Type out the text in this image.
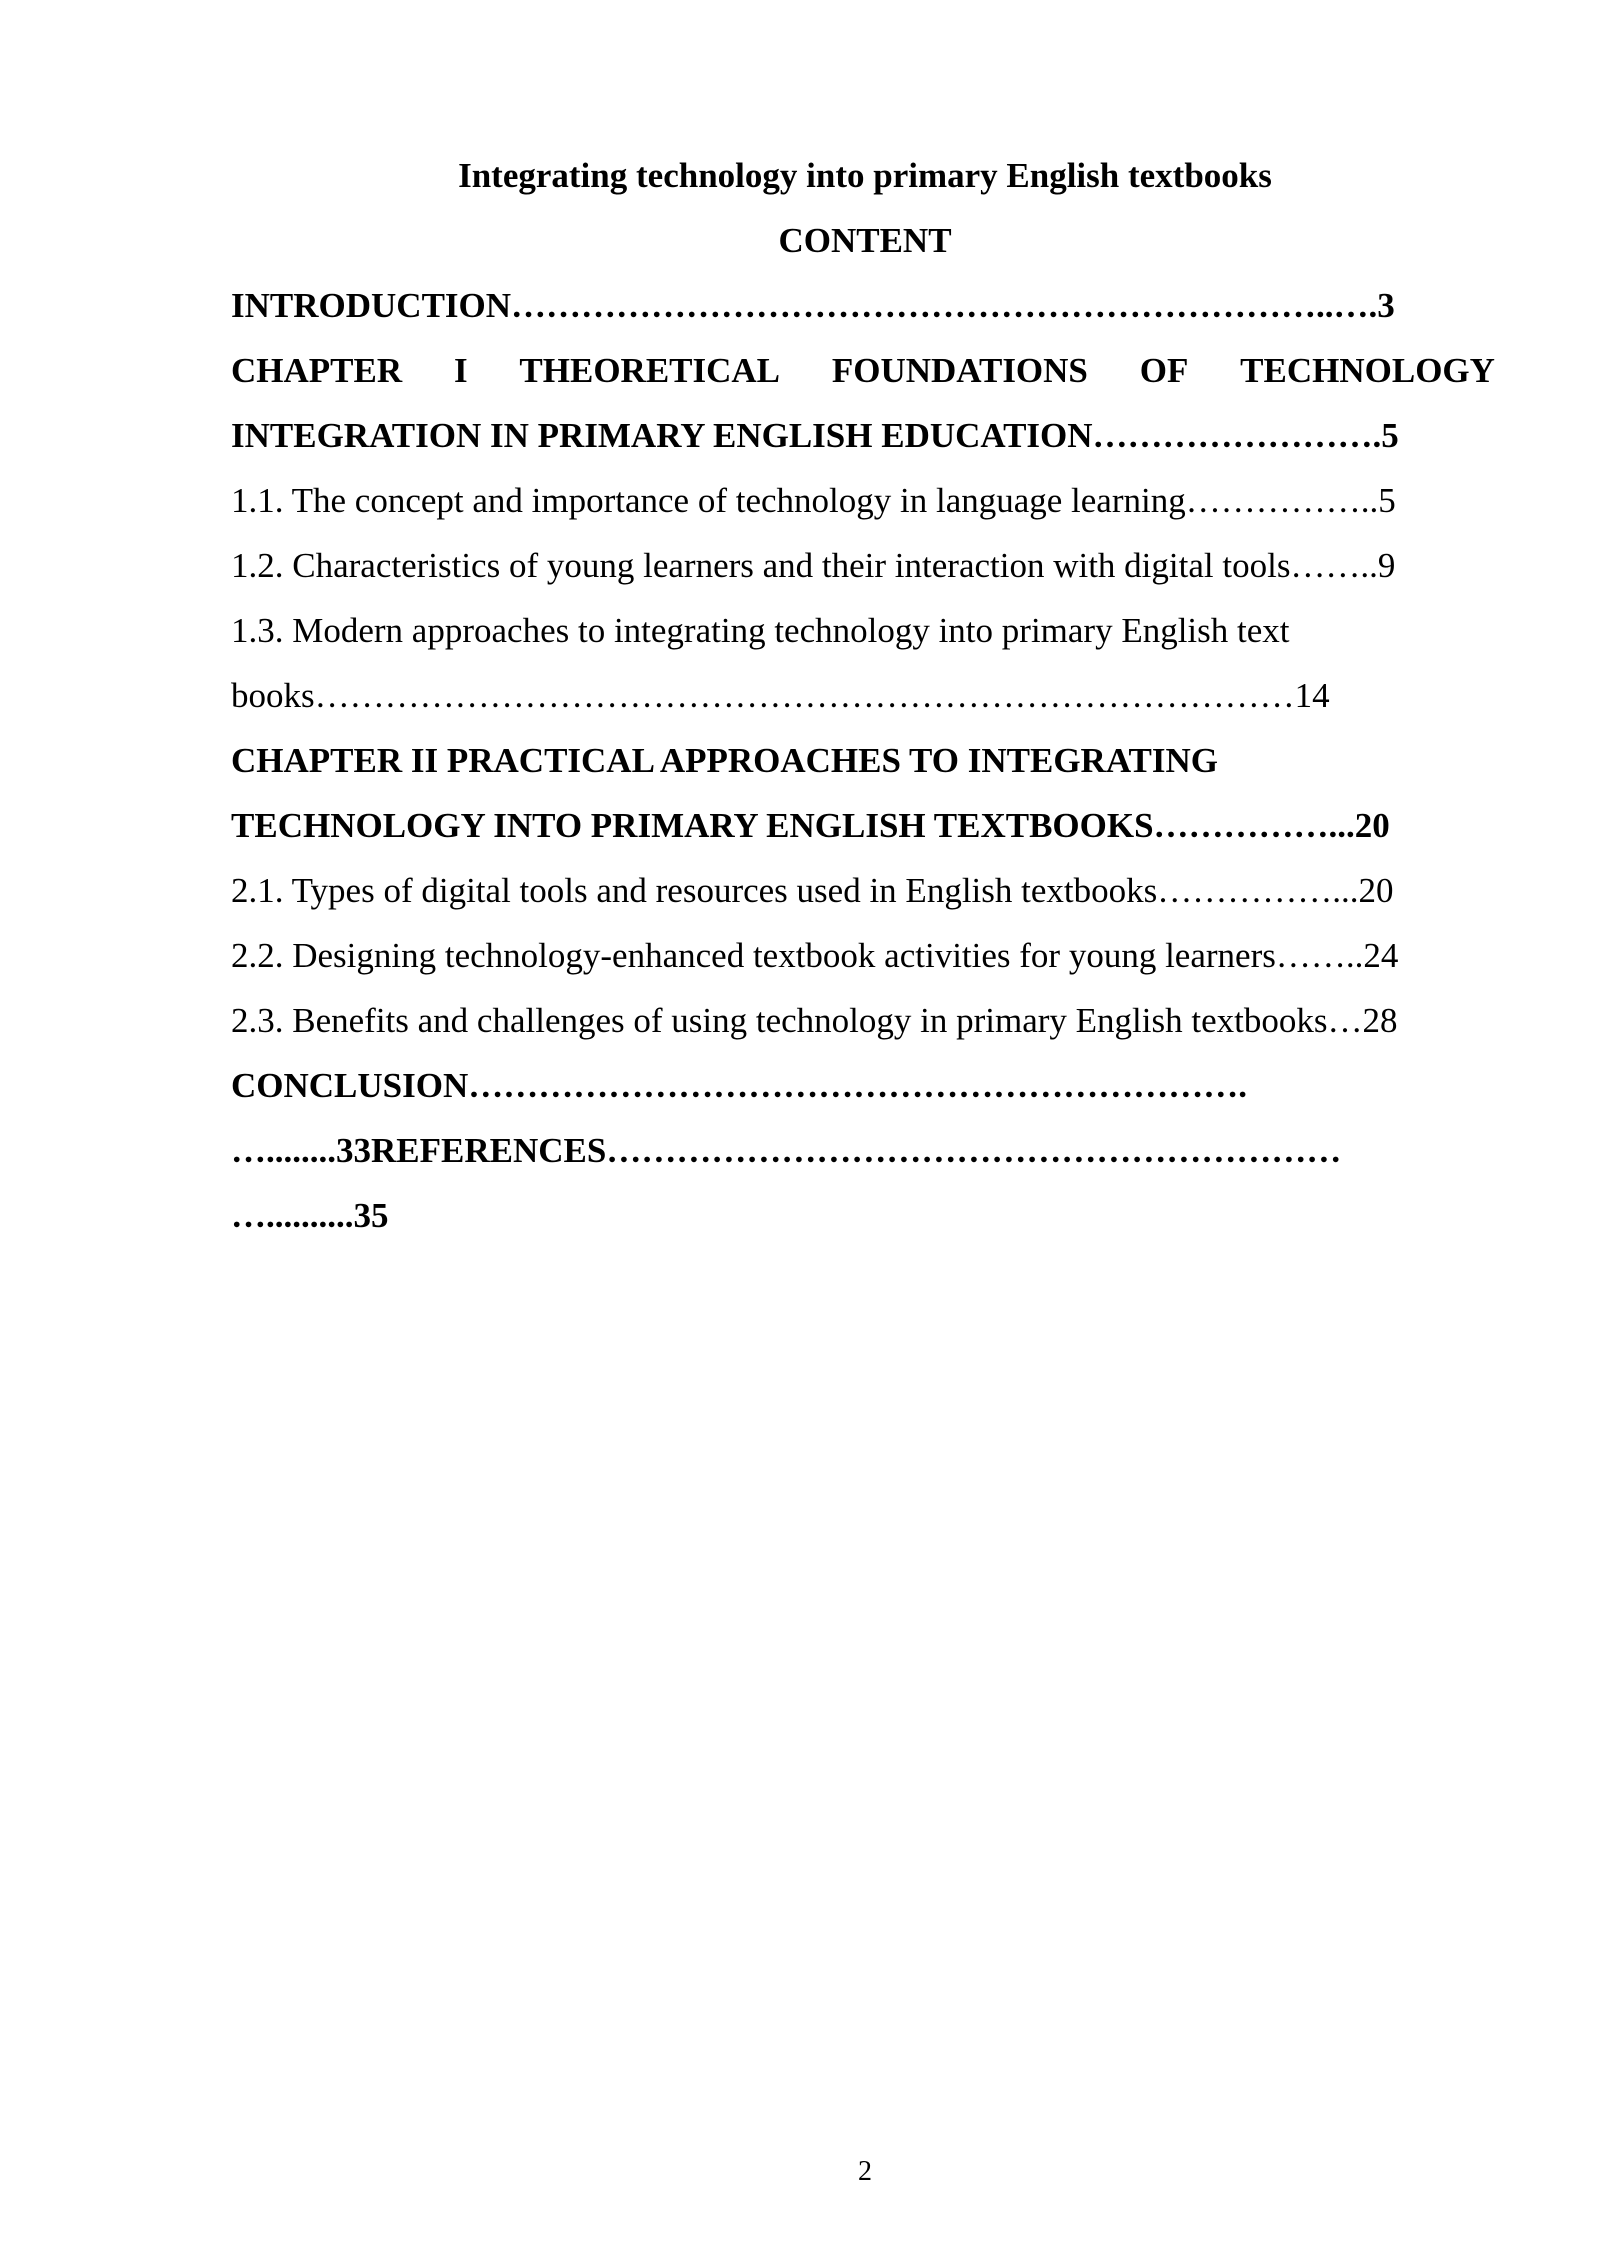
Integrating technology into primary English textbooks
CONTENT
INTRODUCTION……………………………………………………………..….3
CHAPTER I THEORETICAL FOUNDATIONS OF TECHNOLOGY
INTEGRATION IN PRIMARY ENGLISH EDUCATION…………………….5
1.1. The concept and importance of technology in language learning……………..5
1.2. Characteristics of young learners and their interaction with digital tools……..9
1.3. Modern approaches to integrating technology into primary English text
books…………………………………………………………………………14
CHAPTER II PRACTICAL APPROACHES TO INTEGRATING
TECHNOLOGY INTO PRIMARY ENGLISH TEXTBOOKS……………...20
2.1. Types of digital tools and resources used in English textbooks……………...20
2.2. Designing technology-enhanced textbook activities for young learners……..24
2.3. Benefits and challenges of using technology in primary English textbooks…28
CONCLUSION………………………………………………………….
…........33REFERENCES………………………………………………………
…..........35
2
